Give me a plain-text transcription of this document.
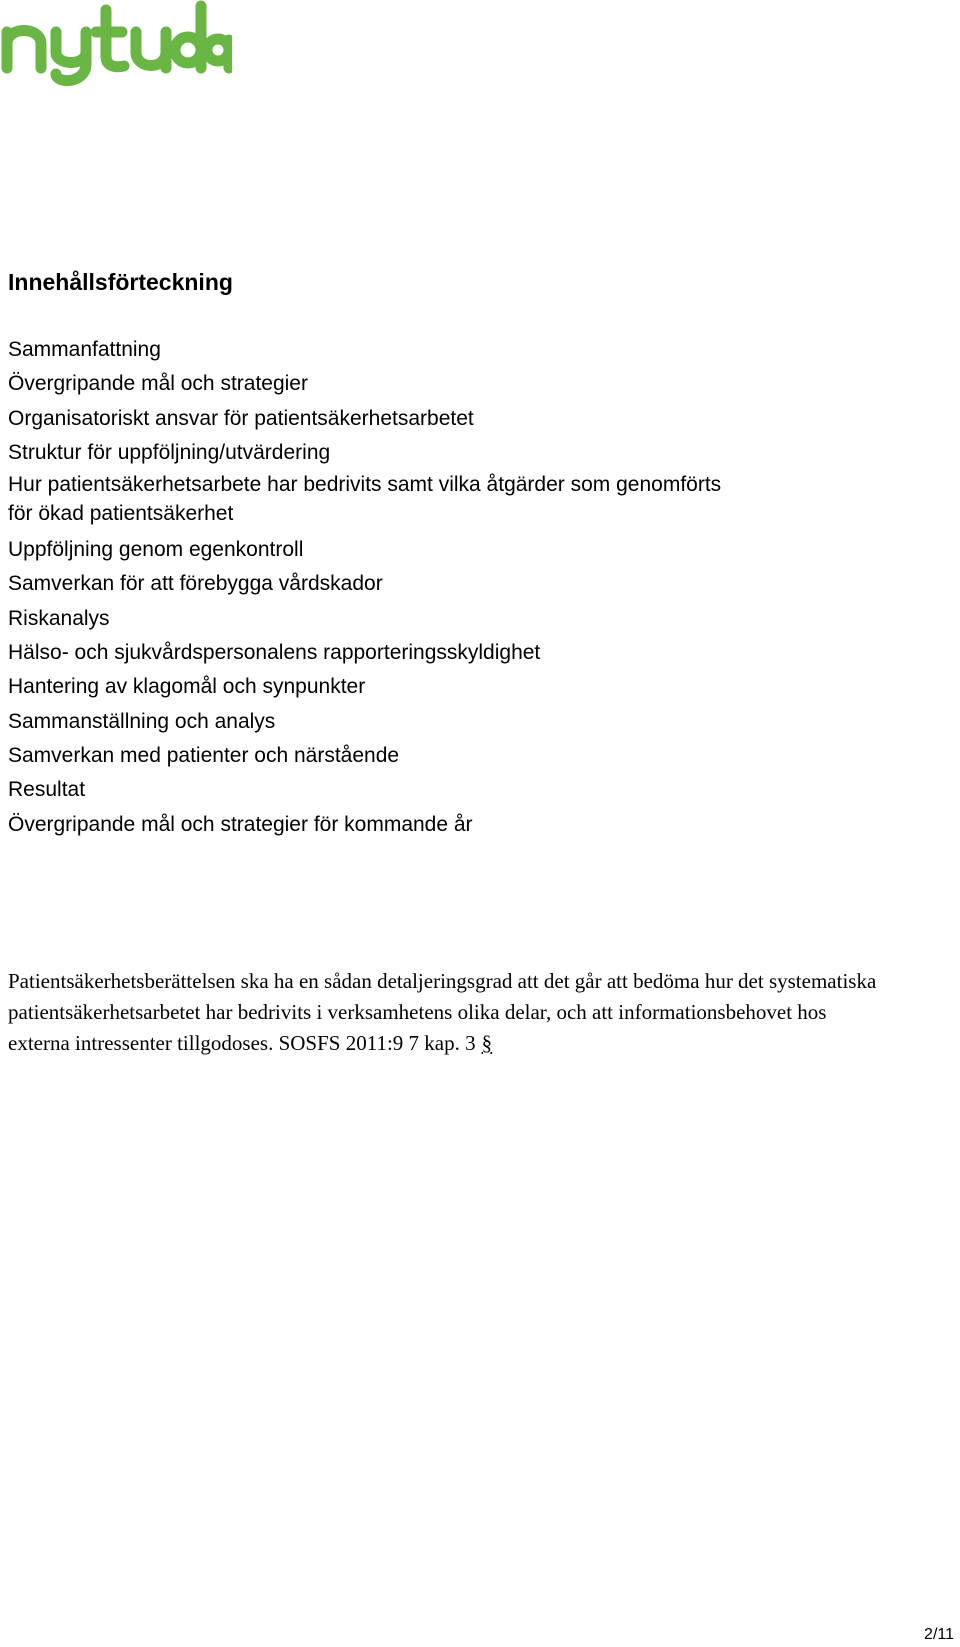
Innehållsförteckning
Sammanfattning
Övergripande mål och strategier
Organisatoriskt ansvar för patientsäkerhetsarbetet
Struktur för uppföljning/utvärdering
Hur patientsäkerhetsarbete har bedrivits samt vilka åtgärder som genomförts för ökad patientsäkerhet
Uppföljning genom egenkontroll
Samverkan för att förebygga vårdskador
Riskanalys
Hälso- och sjukvårdspersonalens rapporteringsskyldighet
Hantering av klagomål och synpunkter
Sammanställning och analys
Samverkan med patienter och närstående
Resultat
Övergripande mål och strategier för kommande år

Patientsäkerhetsberättelsen ska ha en sådan detaljeringsgrad att det går att bedöma hur det systematiska patientsäkerhetsarbetet har bedrivits i verksamhetens olika delar, och att informationsbehovet hos externa intressenter tillgodoses. SOSFS 2011:9 7 kap. 3 §

2/11
